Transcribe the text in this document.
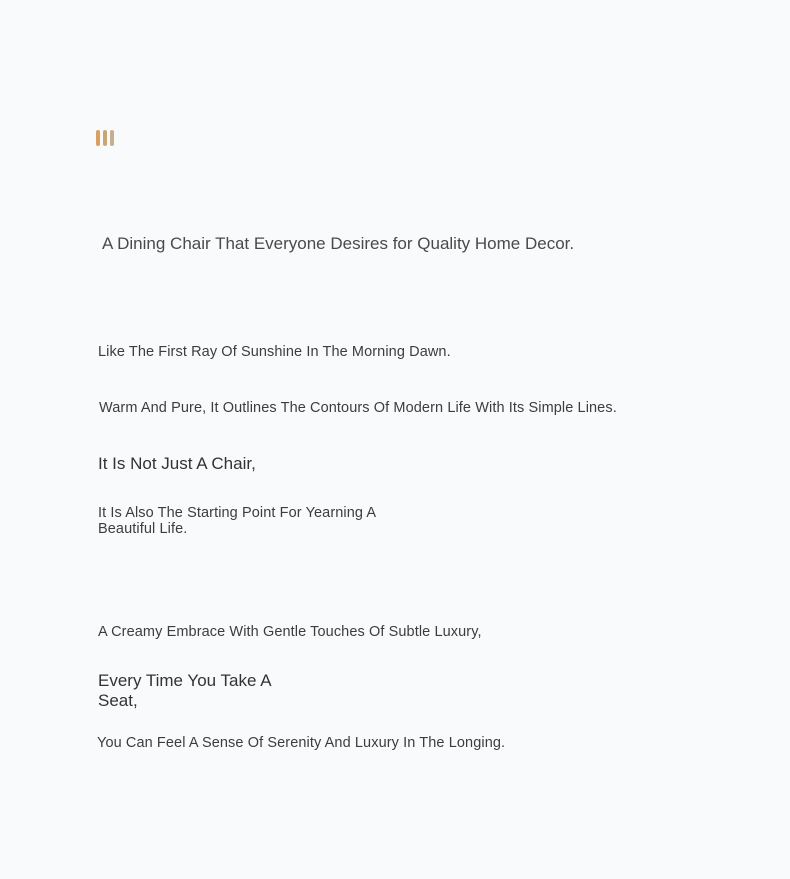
A Dining Chair That Everyone Desires for Quality Home Decor.
Like The First Ray Of Sunshine In The Morning Dawn.
Warm And Pure, It Outlines The Contours Of Modern Life With Its Simple Lines.
It Is Not Just A Chair,
It Is Also The Starting Point For Yearning A
Beautiful Life.
A Creamy Embrace With Gentle Touches Of Subtle Luxury,
Every Time You Take A
Seat,
You Can Feel A Sense Of Serenity And Luxury In The Longing.
